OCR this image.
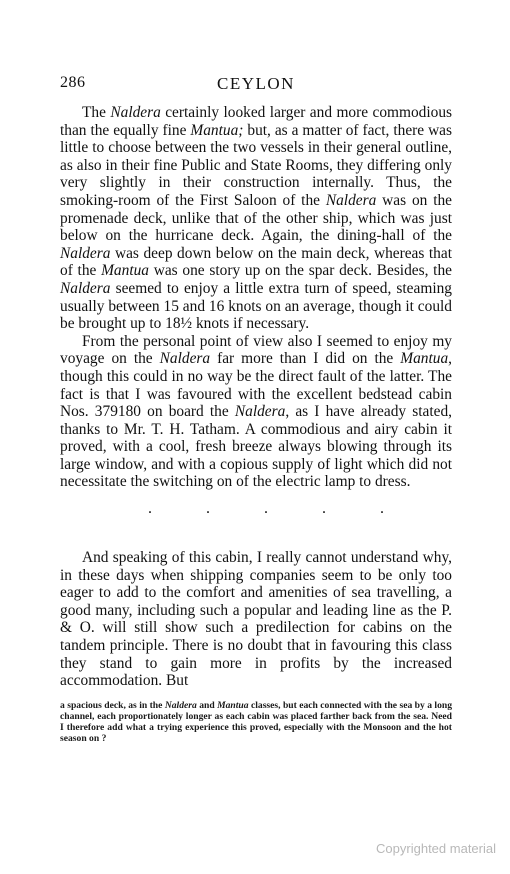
286	CEYLON

The Naldera certainly looked larger and more commodious than the equally fine Mantua; but, as a matter of fact, there was little to choose between the two vessels in their general outline, as also in their fine Public and State Rooms, they differing only very slightly in their construction internally. Thus, the smoking-room of the First Saloon of the Naldera was on the promenade deck, unlike that of the other ship, which was just below on the hurricane deck. Again, the dining-hall of the Naldera was deep down below on the main deck, whereas that of the Mantua was one story up on the spar deck. Besides, the Naldera seemed to enjoy a little extra turn of speed, steaming usually between 15 and 16 knots on an average, though it could be brought up to 18½ knots if necessary.

From the personal point of view also I seemed to enjoy my voyage on the Naldera far more than I did on the Mantua, though this could in no way be the direct fault of the latter. The fact is that I was favoured with the excellent bedstead cabin Nos. 379180 on board the Naldera, as I have already stated, thanks to Mr. T. H. Tatham. A commodious and airy cabin it proved, with a cool, fresh breeze always blowing through its large window, and with a copious supply of light which did not necessitate the switching on of the electric lamp to dress.

.	.	.	.	.

And speaking of this cabin, I really cannot understand why, in these days when shipping companies seem to be only too eager to add to the comfort and amenities of sea travelling, a good many, including such a popular and leading line as the P. & O. will still show such a predilection for cabins on the tandem principle. There is no doubt that in favouring this class they stand to gain more in profits by the increased accommodation. But

a spacious deck, as in the Naldera and Mantua classes, but each connected with the sea by a long channel, each proportionately longer as each cabin was placed farther back from the sea. Need I therefore add what a trying experience this proved, especially with the Monsoon and the hot season on ?

Copyrighted material
